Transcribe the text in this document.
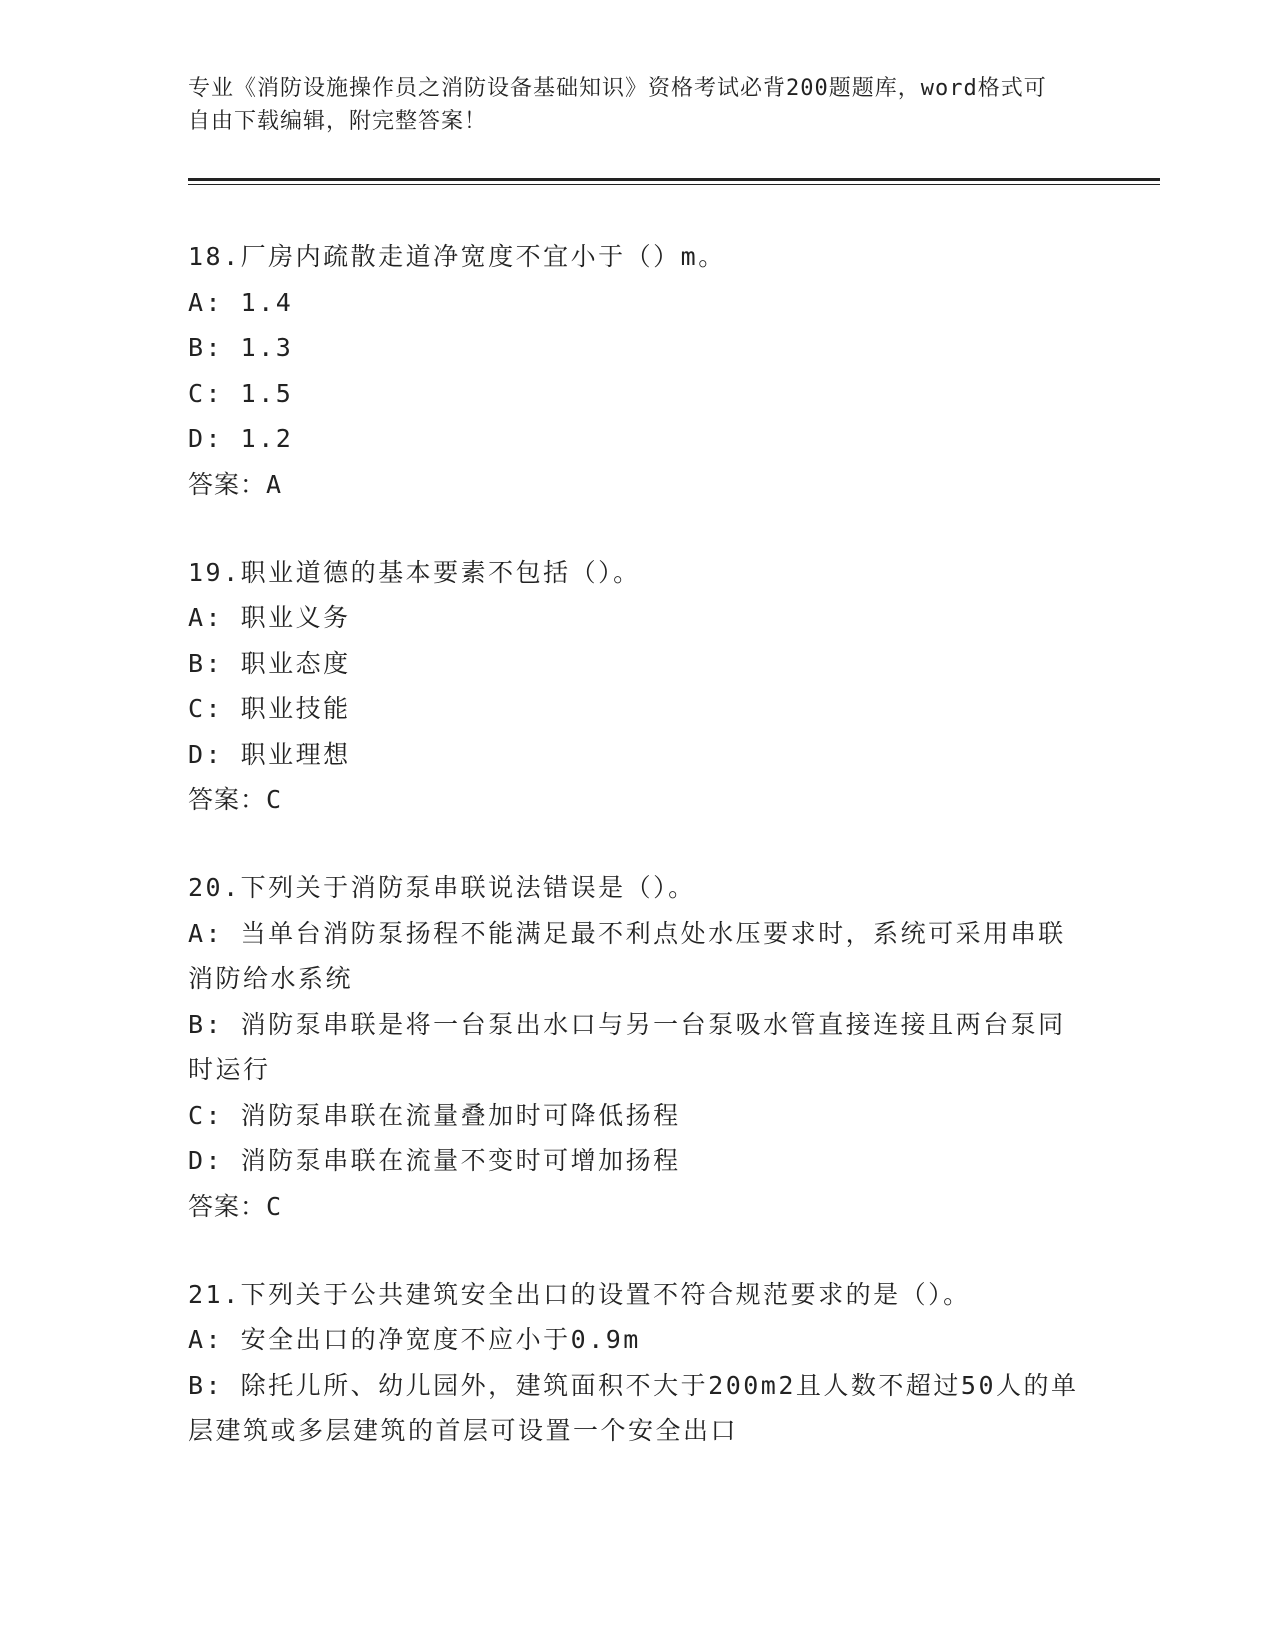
专业《消防设施操作员之消防设备基础知识》资格考试必背200题题库，word格式可自由下载编辑，附完整答案！
18.厂房内疏散走道净宽度不宜小于（）m。
A: 1.4
B: 1.3
C: 1.5
D: 1.2
答案：A
19.职业道德的基本要素不包括（）。
A: 职业义务
B: 职业态度
C: 职业技能
D: 职业理想
答案：C
20.下列关于消防泵串联说法错误是（）。
A: 当单台消防泵扬程不能满足最不利点处水压要求时，系统可采用串联消防给水系统
B: 消防泵串联是将一台泵出水口与另一台泵吸水管直接连接且两台泵同时运行
C: 消防泵串联在流量叠加时可降低扬程
D: 消防泵串联在流量不变时可增加扬程
答案：C
21.下列关于公共建筑安全出口的设置不符合规范要求的是（）。
A: 安全出口的净宽度不应小于0.9m
B: 除托儿所、幼儿园外，建筑面积不大于200m2且人数不超过50人的单层建筑或多层建筑的首层可设置一个安全出口
